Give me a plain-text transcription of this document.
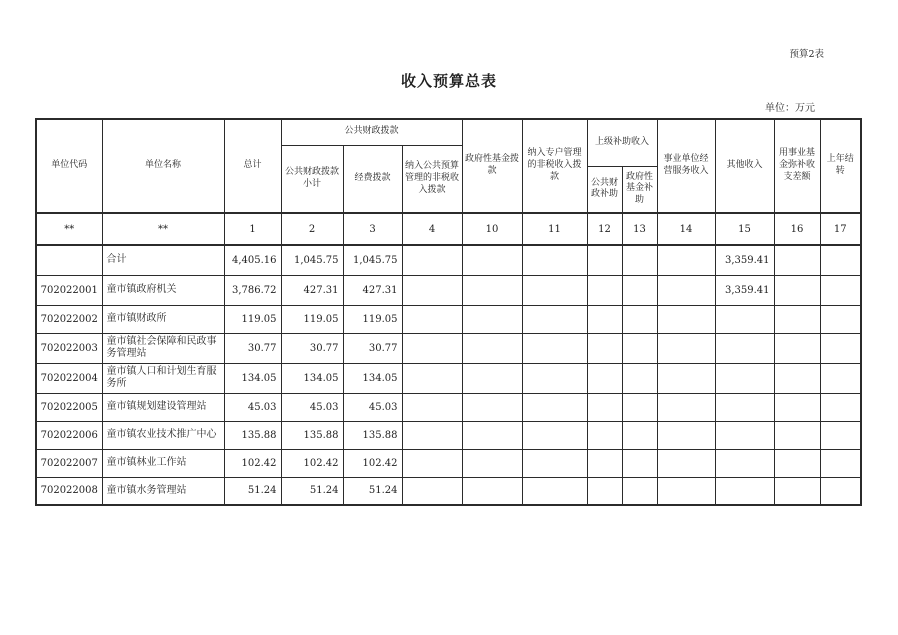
预算2表
收入预算总表
单位：万元
单位代码	单位名称	总计	公共财政拨款			政府性基金拨款	纳入专户管理的非税收入拨款	上级补助收入		事业单位经营服务收入	其他收入	用事业基金弥补收支差额	上年结转
			公共财政拨款小计	经费拨款	纳入公共预算管理的非税收入拨款								
								公共财政补助	政府性基金补助				
**	**	1	2	3	4	10	11	12	13	14	15	16	17
	合计	4,405.16	1,045.75	1,045.75							3,359.41		
702022001	童市镇政府机关	3,786.72	427.31	427.31							3,359.41		
702022002	童市镇财政所	119.05	119.05	119.05									
702022003	童市镇社会保障和民政事务管理站	30.77	30.77	30.77									
702022004	童市镇人口和计划生育服务所	134.05	134.05	134.05									
702022005	童市镇规划建设管理站	45.03	45.03	45.03									
702022006	童市镇农业技术推广中心	135.88	135.88	135.88									
702022007	童市镇林业工作站	102.42	102.42	102.42									
702022008	童市镇水务管理站	51.24	51.24	51.24									
